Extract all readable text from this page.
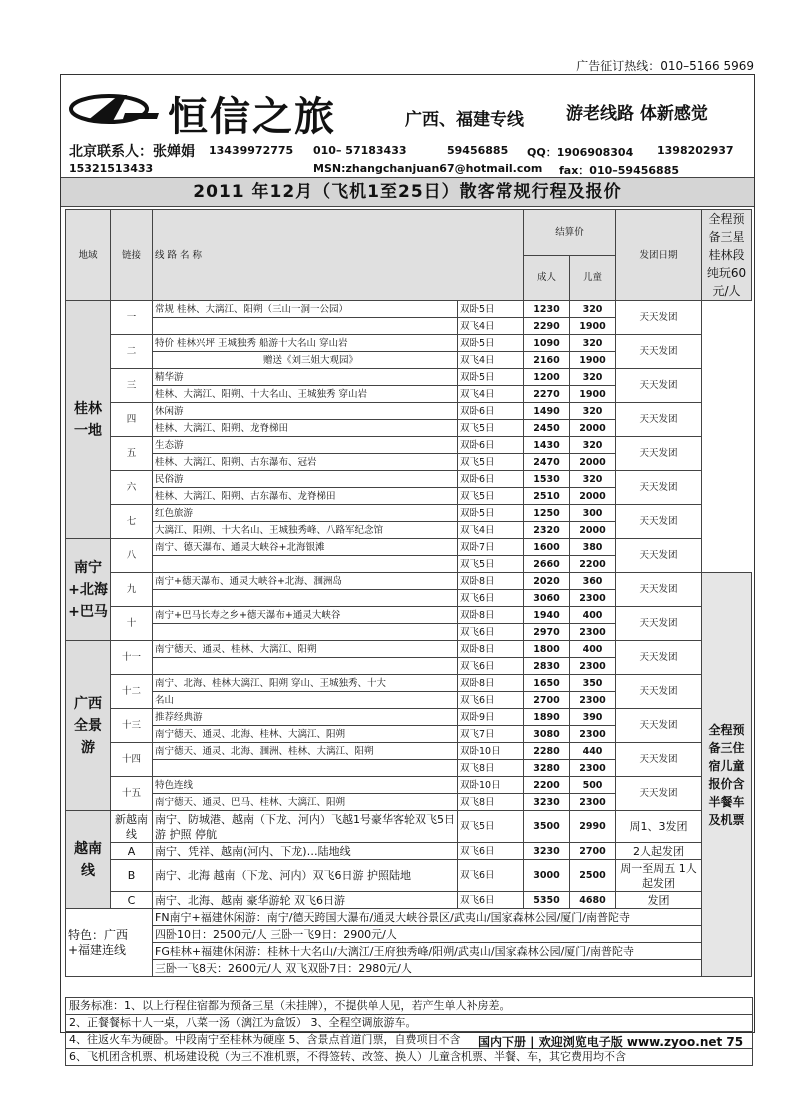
广告征订热线：010–5166 5969
恒信之旅	广西、福建专线 游老线路 体新感觉
北京联系人：张婵娟 13439972775 010– 57183433	59456885 QQ：1906908304 1398202937
15321513433	MSN:zhangchanjuan67@hotmail.com fax：010–59456885
2011 年12月（飞机1至25日）散客常规行程及报价
地域	链接	线 路 名 称		结算价		发团日期	全程预备三星 桂林段纯玩60元/人
				成人	儿童		
桂林一地	一	常规 桂林、大漓江、阳朔（三山一洞一公园）	双卧5日	1230	320	天天发团	
			双飞4日	2290	1900		
	二	特价 桂林兴坪 王城独秀 船游十大名山 穿山岩	双卧5日	1090	320	天天发团	
		赠送《刘三姐大观园》	双飞4日	2160	1900		
	三	精华游	双卧5日	1200	320	天天发团	
		桂林、大漓江、阳朔、十大名山、王城独秀 穿山岩	双飞4日	2270	1900		
	四	休闲游	双卧6日	1490	320	天天发团	
		桂林、大漓江、阳朔、龙脊梯田	双飞5日	2450	2000		
	五	生态游	双卧6日	1430	320	天天发团	
		桂林、大漓江、阳朔、古东瀑布、冠岩	双飞5日	2470	2000		
	六	民俗游	双卧6日	1530	320	天天发团	
		桂林、大漓江、阳朔、古东瀑布、龙脊梯田	双飞5日	2510	2000		
	七	红色旅游	双卧5日	1250	300	天天发团	
		大漓江、阳朔、十大名山、王城独秀峰、八路军纪念馆	双飞4日	2320	2000		
南宁+北海+巴马	八	南宁、德天瀑布、通灵大峡谷+北海银滩	双卧7日	1600	380	天天发团	
			双飞5日	2660	2200		
	九	南宁+德天瀑布、通灵大峡谷+北海、涠洲岛	双卧8日	2020	360	天天发团	全程预备三住宿儿童报价含半餐车及机票
			双飞6日	3060	2300		
	十	南宁+巴马长寿之乡+德天瀑布+通灵大峡谷	双卧8日	1940	400	天天发团	
			双飞6日	2970	2300		
广西全景游	十一	南宁德天、通灵、桂林、大漓江、阳朔	双卧8日	1800	400	天天发团	
			双飞6日	2830	2300		
	十二	南宁、北海、桂林大漓江、阳朔 穿山、王城独秀、十大	双卧8日	1650	350	天天发团	
		名山	双飞6日	2700	2300		
	十三	推荐经典游	双卧9日	1890	390	天天发团	
		南宁德天、通灵、北海、桂林、大漓江、阳朔	双飞7日	3080	2300		
	十四	南宁德天、通灵、北海、涠洲、桂林、大漓江、阳朔	双卧10日	2280	440	天天发团	
			双飞8日	3280	2300		
	十五	特色连线	双卧10日	2200	500	天天发团	
		南宁德天、通灵、巴马、桂林、大漓江、阳朔	双飞8日	3230	2300		
越南线	新越南线	南宁、防城港、越南（下龙、河内）飞越1号豪华客轮双飞5日游 护照 停航	双飞5日	3500	2990	周1、3发团	
	A	南宁、凭祥、越南(河内、下龙)…陆地线	双飞6日	3230	2700	2人起发团	
	B	南宁、北海 越南（下龙、河内）双飞6日游 护照陆地	双飞6日	3000	2500	周一至周五 1人起发团	
	C	南宁、北海、越南 豪华游轮 双飞6日游	双飞6日	5350	4680	发团	
特色：广西+福建连线		FN南宁+福建休闲游：南宁/德天跨国大瀑布/通灵大峡谷景区/武夷山/国家森林公园/厦门/南普陀寺					
		四卧10日：2500元/人 三卧一飞9日：2900元/人					
		FG桂林+福建休闲游：桂林十大名山/大漓江/王府独秀峰/阳朔/武夷山/国家森林公园/厦门/南普陀寺					
		三卧一飞8天：2600元/人 双飞双卧7日：2980元/人					
服务标准：1、以上行程住宿都为预备三星（未挂牌），不提供单人见，若产生单人补房差。
2、正餐餐标十人一桌，八菜一汤（漓江为盒饭） 3、全程空调旅游车。
4、往返火车为硬卧。中段南宁至桂林为硬座 5、含景点首道门票，自费项目不含
6、飞机团含机票、机场建设税（为三不准机票，不得签转、改签、换人）儿童含机票、半餐、车，其它费用均不含
国内下册 | 欢迎浏览电子版 www.zyoo.net 75
